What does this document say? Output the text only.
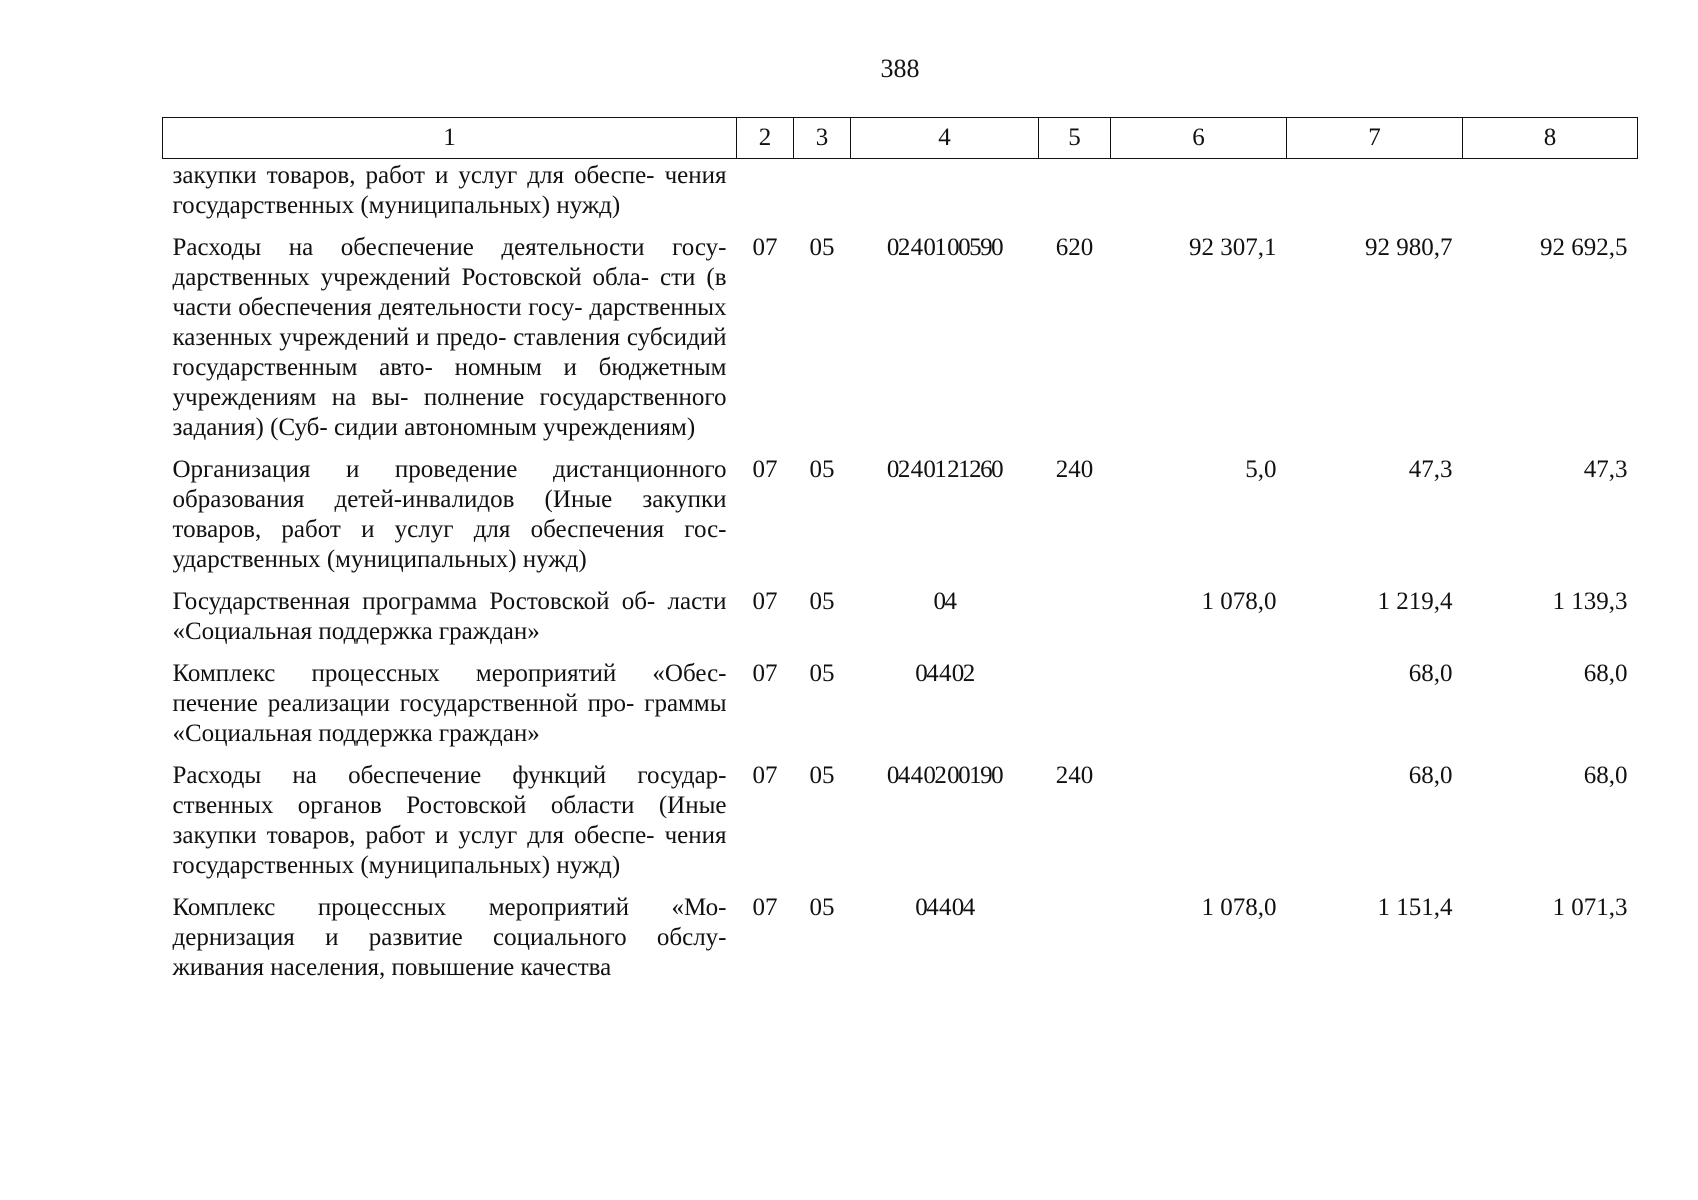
388
1	2	3	4	5	6	7	8
закупки товаров, работ и услуг для обеспе- чения государственных (муниципальных) нужд)							
Расходы на обеспечение деятельности госу- дарственных учреждений Ростовской обла- сти (в части обеспечения деятельности госу- дарственных казенных учреждений и предо- ставления субсидий государственным авто- номным и бюджетным учреждениям на вы- полнение государственного задания) (Суб- сидии автономным учреждениям)	07	05	02 4 01 00590	620	92 307,1	92 980,7	92 692,5
Организация и проведение дистанционного образования детей-инвалидов (Иные закупки товаров, работ и услуг для обеспечения гос- ударственных (муниципальных) нужд)	07	05	02 4 01 21260	240	5,0	47,3	47,3
Государственная программа Ростовской об- ласти «Социальная поддержка граждан»	07	05	04		1 078,0	1 219,4	1 139,3
Комплекс процессных мероприятий «Обес- печение реализации государственной про- граммы «Социальная поддержка граждан»	07	05	04 4 02			68,0	68,0
Расходы на обеспечение функций государ- ственных органов Ростовской области (Иные закупки товаров, работ и услуг для обеспе- чения государственных (муниципальных) нужд)	07	05	04 4 02 00190	240		68,0	68,0
Комплекс процессных мероприятий «Мо- дернизация и развитие социального обслу- живания населения, повышение качества	07	05	04 4 04		1 078,0	1 151,4	1 071,3
